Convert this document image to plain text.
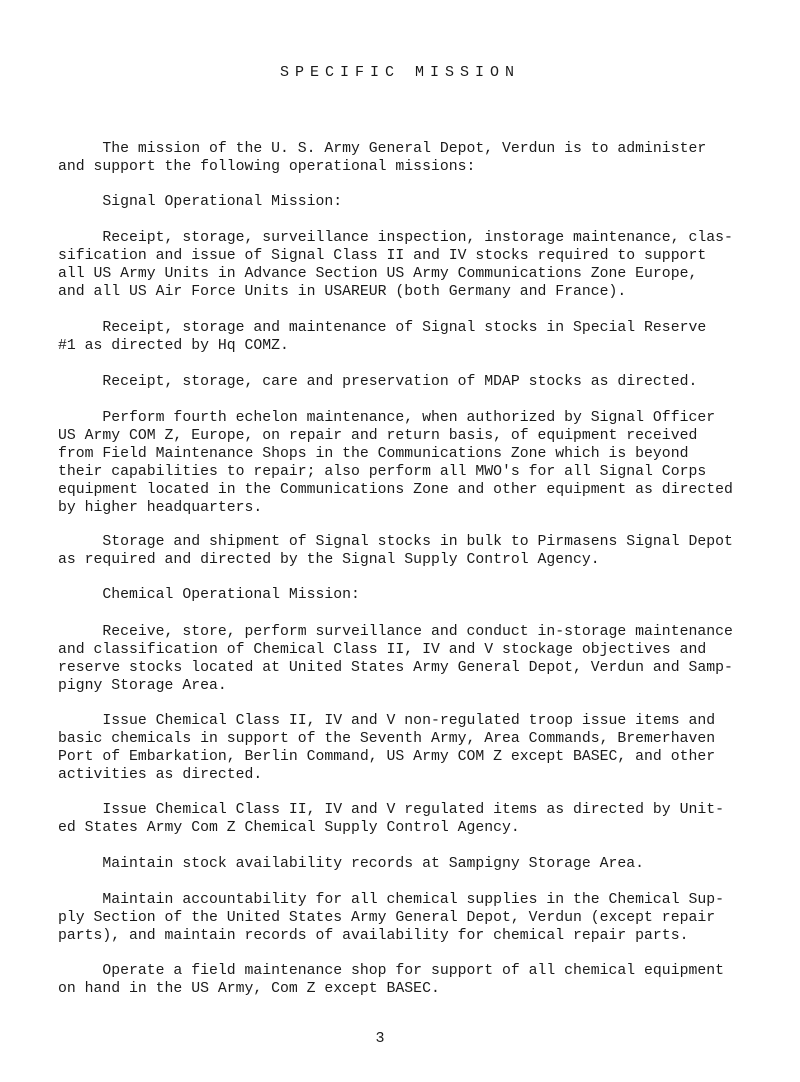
SPECIFIC MISSION

The mission of the U. S. Army General Depot, Verdun is to administer

and support the following operational missions:

Signal Operational Mission:

Receipt, storage, surveillance inspection, instorage maintenance, clas-

sification and issue of Signal Class II and IV stocks required to support

all US Army Units in Advance Section US Army Communications Zone Europe,

and all US Air Force Units in USAREUR (both Germany and France).

Receipt, storage and maintenance of Signal stocks in Special Reserve

#1 as directed by Hq COMZ.

Receipt, storage, care and preservation of MDAP stocks as directed.

Perform fourth echelon maintenance, when authorized by Signal Officer

US Army COM Z, Europe, on repair and return basis, of equipment received

from Field Maintenance Shops in the Communications Zone which is beyond

their capabilities to repair; also perform all MWO's for all Signal Corps

equipment located in the Communications Zone and other equipment as directed

by higher headquarters.

Storage and shipment of Signal stocks in bulk to Pirmasens Signal Depot

as required and directed by the Signal Supply Control Agency.

Chemical Operational Mission:

Receive, store, perform surveillance and conduct in-storage maintenance

and classification of Chemical Class II, IV and V stockage objectives and

reserve stocks located at United States Army General Depot, Verdun and Samp-

pigny Storage Area.

Issue Chemical Class II, IV and V non-regulated troop issue items and

basic chemicals in support of the Seventh Army, Area Commands, Bremerhaven

Port of Embarkation, Berlin Command, US Army COM Z except BASEC, and other

activities as directed.

Issue Chemical Class II, IV and V regulated items as directed by Unit-

ed States Army Com Z Chemical Supply Control Agency.

Maintain stock availability records at Sampigny Storage Area.

Maintain accountability for all chemical supplies in the Chemical Sup-

ply Section of the United States Army General Depot, Verdun (except repair

parts), and maintain records of availability for chemical repair parts.

Operate a field maintenance shop for support of all chemical equipment

on hand in the US Army, Com Z except BASEC.

3
